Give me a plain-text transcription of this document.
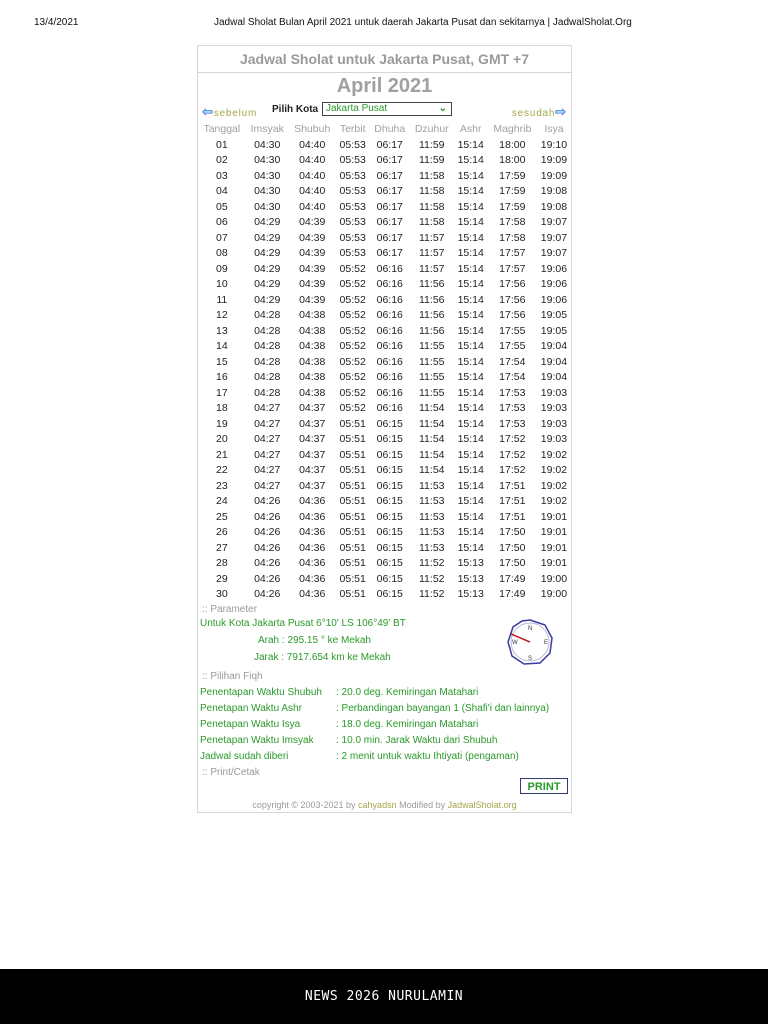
13/4/2021	Jadwal Sholat Bulan April 2021 untuk daerah Jakarta Pusat dan sekitarnya | JadwalSholat.Org
Jadwal Sholat untuk Jakarta Pusat, GMT +7
April 2021
⇦sebelum Pilih Kota Jakarta Pusat	⌄	sesudah⇨
Tanggal	Imsyak	Shubuh	Terbit	Dhuha	Dzuhur	Ashr	Maghrib	Isya
01	04:30	04:40	05:53	06:17	11:59	15:14	18:00	19:10
02	04:30	04:40	05:53	06:17	11:59	15:14	18:00	19:09
03	04:30	04:40	05:53	06:17	11:58	15:14	17:59	19:09
04	04:30	04:40	05:53	06:17	11:58	15:14	17:59	19:08
05	04:30	04:40	05:53	06:17	11:58	15:14	17:59	19:08
06	04:29	04:39	05:53	06:17	11:58	15:14	17:58	19:07
07	04:29	04:39	05:53	06:17	11:57	15:14	17:58	19:07
08	04:29	04:39	05:53	06:17	11:57	15:14	17:57	19:07
09	04:29	04:39	05:52	06:16	11:57	15:14	17:57	19:06
10	04:29	04:39	05:52	06:16	11:56	15:14	17:56	19:06
11	04:29	04:39	05:52	06:16	11:56	15:14	17:56	19:06
12	04:28	04:38	05:52	06:16	11:56	15:14	17:56	19:05
13	04:28	04:38	05:52	06:16	11:56	15:14	17:55	19:05
14	04:28	04:38	05:52	06:16	11:55	15:14	17:55	19:04
15	04:28	04:38	05:52	06:16	11:55	15:14	17:54	19:04
16	04:28	04:38	05:52	06:16	11:55	15:14	17:54	19:04
17	04:28	04:38	05:52	06:16	11:55	15:14	17:53	19:03
18	04:27	04:37	05:52	06:16	11:54	15:14	17:53	19:03
19	04:27	04:37	05:51	06:15	11:54	15:14	17:53	19:03
20	04:27	04:37	05:51	06:15	11:54	15:14	17:52	19:03
21	04:27	04:37	05:51	06:15	11:54	15:14	17:52	19:02
22	04:27	04:37	05:51	06:15	11:54	15:14	17:52	19:02
23	04:27	04:37	05:51	06:15	11:53	15:14	17:51	19:02
24	04:26	04:36	05:51	06:15	11:53	15:14	17:51	19:02
25	04:26	04:36	05:51	06:15	11:53	15:14	17:51	19:01
26	04:26	04:36	05:51	06:15	11:53	15:14	17:50	19:01
27	04:26	04:36	05:51	06:15	11:53	15:14	17:50	19:01
28	04:26	04:36	05:51	06:15	11:52	15:13	17:50	19:01
29	04:26	04:36	05:51	06:15	11:52	15:13	17:49	19:00
30	04:26	04:36	05:51	06:15	11:52	15:13	17:49	19:00
:: Parameter
Untuk Kota Jakarta Pusat 6°10' LS 106°49' BT
Arah : 295.15 ° ke Mekah
Jarak : 7917.654 km ke Mekah
N
E
S
W
:: Pilihan Fiqh
Penentapan Waktu Shubuh : 20.0 deg. Kemiringan Matahari
Penetapan Waktu Ashr	: Perbandingan bayangan 1 (Shafi'i dan lainnya)
Penetapan Waktu Isya	: 18.0 deg. Kemiringan Matahari
Penetapan Waktu Imsyak : 10.0 min. Jarak Waktu dari Shubuh
Jadwal sudah diberi	: 2 menit untuk waktu Ihtiyati (pengaman)
:: Print/Cetak
PRINT
copyright © 2003-2021 by cahyadsn Modified by JadwalSholat.org
NEWS 2026 NURULAMIN
